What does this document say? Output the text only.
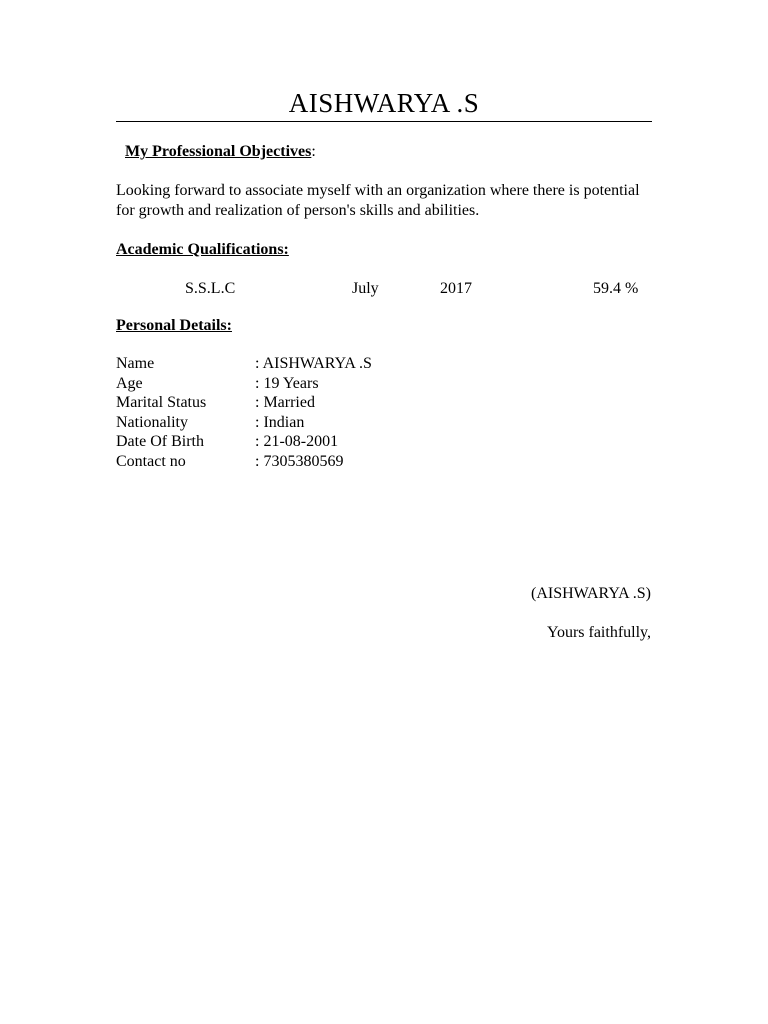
AISHWARYA .S
My Professional Objectives:
Looking forward to associate myself with an organization where there is potential for growth and realization of person's skills and abilities.
Academic Qualifications:
S.S.L.C	July	2017	59.4 %
Personal Details:
Name	: AISHWARYA .S
Age	: 19 Years
Marital Status	: Married
Nationality	: Indian
Date Of Birth	: 21-08-2001
Contact no	: 7305380569
(AISHWARYA .S)
Yours faithfully,
